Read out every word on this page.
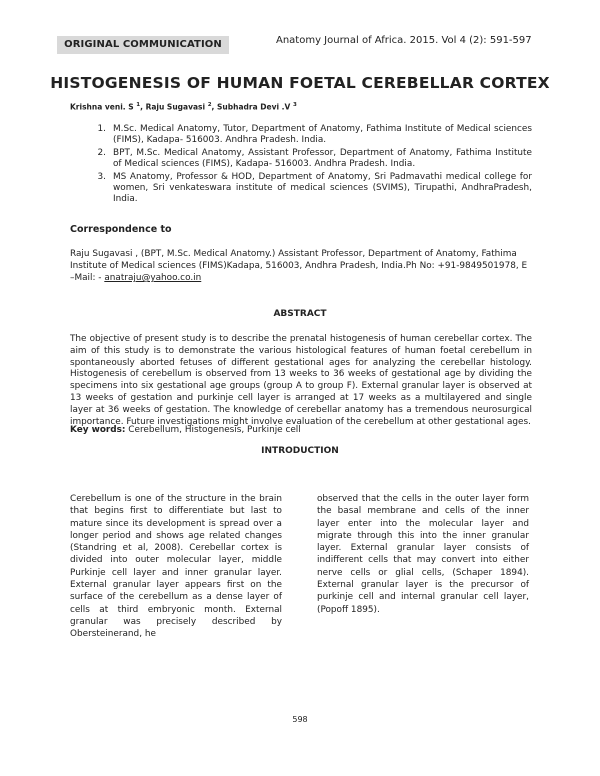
ORIGINAL COMMUNICATION	Anatomy Journal of Africa. 2015. Vol 4 (2): 591-597
HISTOGENESIS OF HUMAN FOETAL CEREBELLAR CORTEX
Krishna veni. S $^1$, Raju Sugavasi $^2$, Subhadra Devi .V $^3$
1. M.Sc. Medical Anatomy, Tutor, Department of Anatomy, Fathima Institute of Medical sciences (FIMS), Kadapa- 516003. Andhra Pradesh. India.
2. BPT, M.Sc. Medical Anatomy, Assistant Professor, Department of Anatomy, Fathima Institute of Medical sciences (FIMS), Kadapa- 516003. Andhra Pradesh. India.
3. MS Anatomy, Professor & HOD, Department of Anatomy, Sri Padmavathi medical college for women, Sri venkateswara institute of medical sciences (SVIMS), Tirupathi, AndhraPradesh, India.
Correspondence to
Raju Sugavasi , (BPT, M.Sc. Medical Anatomy.) Assistant Professor, Department of Anatomy, Fathima Institute of Medical sciences (FIMS)Kadapa, 516003, Andhra Pradesh, India.Ph No: +91-9849501978, E –Mail: - anatraju@yahoo.co.in
ABSTRACT

The objective of present study is to describe the prenatal histogenesis of human cerebellar cortex. The aim of this study is to demonstrate the various histological features of human foetal cerebellum in spontaneously aborted fetuses of different gestational ages for analyzing the cerebellar histology. Histogenesis of cerebellum is observed from 13 weeks to 36 weeks of gestational age by dividing the specimens into six gestational age groups (group A to group F). External granular layer is observed at 13 weeks of gestation and purkinje cell layer is arranged at 17 weeks as a multilayered and single layer at 36 weeks of gestation. The knowledge of cerebellar anatomy has a tremendous neurosurgical importance. Future investigations might involve evaluation of the cerebellum at other gestational ages.

Key words: Cerebellum, Histogenesis, Purkinje cell
INTRODUCTION

Cerebellum is one of the structure in the brain that begins first to differentiate but last to mature since its development is spread over a longer period and shows age related changes (Standring et al, 2008). Cerebellar cortex is divided into outer molecular layer, middle Purkinje cell layer and inner granular layer. External granular layer appears first on the surface of the cerebellum as a dense layer of cells at third embryonic month. External granular was precisely described by Obersteinerand, he

observed that the cells in the outer layer form the basal membrane and cells of the inner layer enter into the molecular layer and migrate through this into the inner granular layer. External granular layer consists of indifferent cells that may convert into either nerve cells or glial cells, (Schaper 1894). External granular layer is the precursor of purkinje cell and internal granular cell layer, (Popoff 1895).

598
